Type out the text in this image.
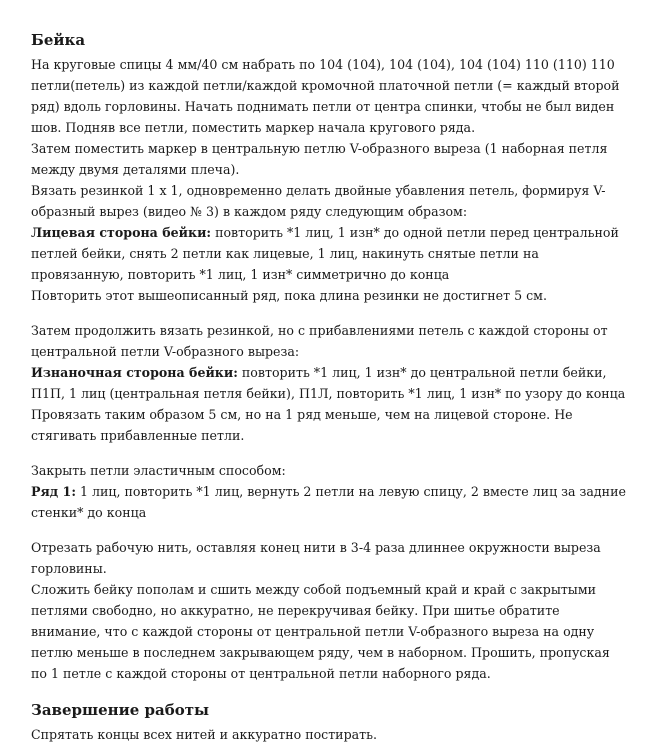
Бейка

На круговые спицы 4 мм/40 см набрать по 104 (104), 104 (104), 104 (104) 110 (110) 110 петли(петель) из каждой петли/каждой кромочной платочной петли (= каждый второй ряд) вдоль горловины. Начать поднимать петли от центра спинки, чтобы не был виден шов. Подняв все петли, поместить маркер начала кругового ряда.

Затем поместить маркер в центральную петлю V-образного выреза (1 наборная петля между двумя деталями плеча).

Вязать резинкой 1 х 1, одновременно делать двойные убавления петель, формируя V-образный вырез (видео № 3) в каждом ряду следующим образом:

Лицевая сторона бейки: повторить *1 лиц, 1 изн* до одной петли перед центральной петлей бейки, снять 2 петли как лицевые, 1 лиц, накинуть снятые петли на провязанную, повторить *1 лиц, 1 изн* симметрично до конца

Повторить этот вышеописанный ряд, пока длина резинки не достигнет 5 см.

Затем продолжить вязать резинкой, но с прибавлениями петель с каждой стороны от центральной петли V-образного выреза:

Изнаночная сторона бейки: повторить *1 лиц, 1 изн* до центральной петли бейки, П1П, 1 лиц (центральная петля бейки), П1Л, повторить *1 лиц, 1 изн* по узору до конца

Провязать таким образом 5 см, но на 1 ряд меньше, чем на лицевой стороне. Не стягивать прибавленные петли.

Закрыть петли эластичным способом:

Ряд 1: 1 лиц, повторить *1 лиц, вернуть 2 петли на левую спицу, 2 вместе лиц за задние стенки* до конца

Отрезать рабочую нить, оставляя конец нити в 3-4 раза длиннее окружности выреза горловины.

Сложить бейку пополам и сшить между собой подъемный край и край с закрытыми петлями свободно, но аккуратно, не перекручивая бейку. При шитье обратите внимание, что с каждой стороны от центральной петли V-образного выреза на одну петлю меньше в последнем закрывающем ряду, чем в наборном. Прошить, пропуская по 1 петле с каждой стороны от центральной петли наборного ряда.

Завершение работы

Спрятать концы всех нитей и аккуратно постирать.
